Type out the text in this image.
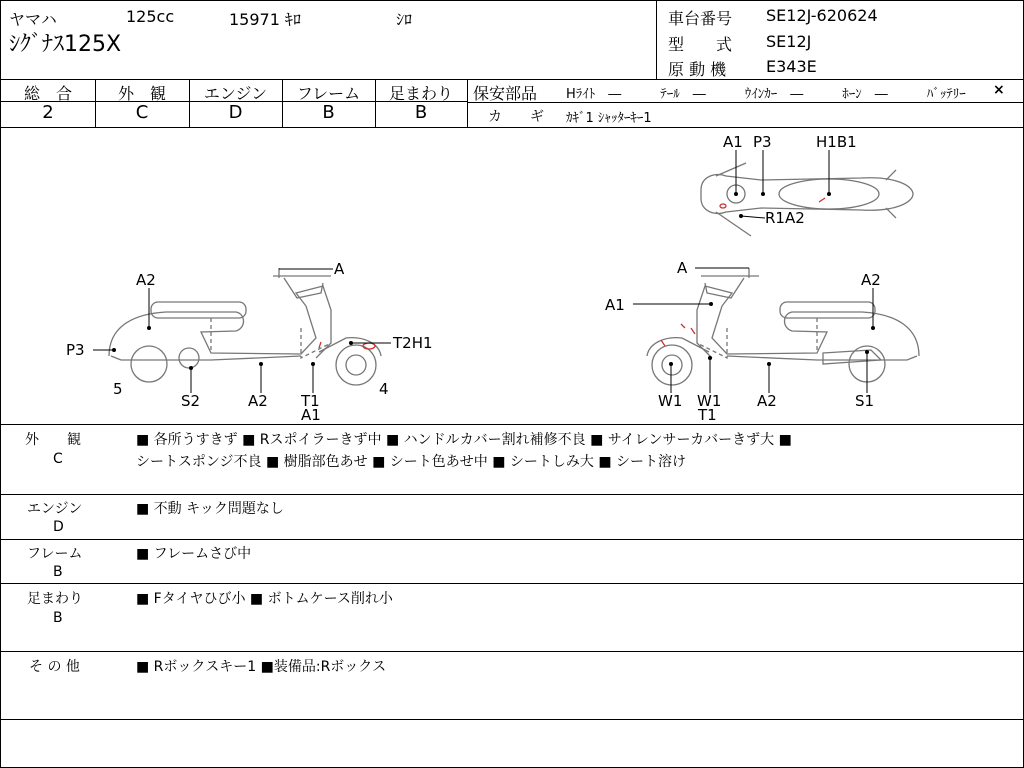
ヤマハ	125cc	15971 ｷﾛ	ｼﾛ
ｼｸﾞﾅｽ125X
車台番号 SE12J-620624
型　　式 SE12J
原 動 機 E343E
総　合	外　観	エンジン	フレーム	足まわり
2	C	D	B	B
保安部品 Hﾗｲﾄ　―　　　ﾃｰﾙ　―　　　ｳｲﾝｶｰ　―　　　ﾎｰﾝ　―　　　ﾊﾞｯﾃﾘｰ ×
カ　　ギ ｶｷﾞ1 ｼｬｯﾀｰｷｰ1
A
A2
P3
5
S2	A2 T1
A1
T2H1
4
A
A2
A1
W1 W1
T1
A2	S1
A1 P3	H1B1
R1A2
外　　観
C
■ 各所うすきず ■ Rスポイラーきず中 ■ ハンドルカバー割れ補修不良 ■ サイレンサーカバーきず大 ■
シートスポンジ不良 ■ 樹脂部色あせ ■ シート色あせ中 ■ シートしみ大 ■ シート溶け
エンジン
D
■ 不動 キック問題なし
フレーム
B
■ フレームさび中
足まわり
B
■ Fタイヤひび小 ■ ボトムケース削れ小
そ の 他	■ Rボックスキー1 ■装備品:Rボックス
